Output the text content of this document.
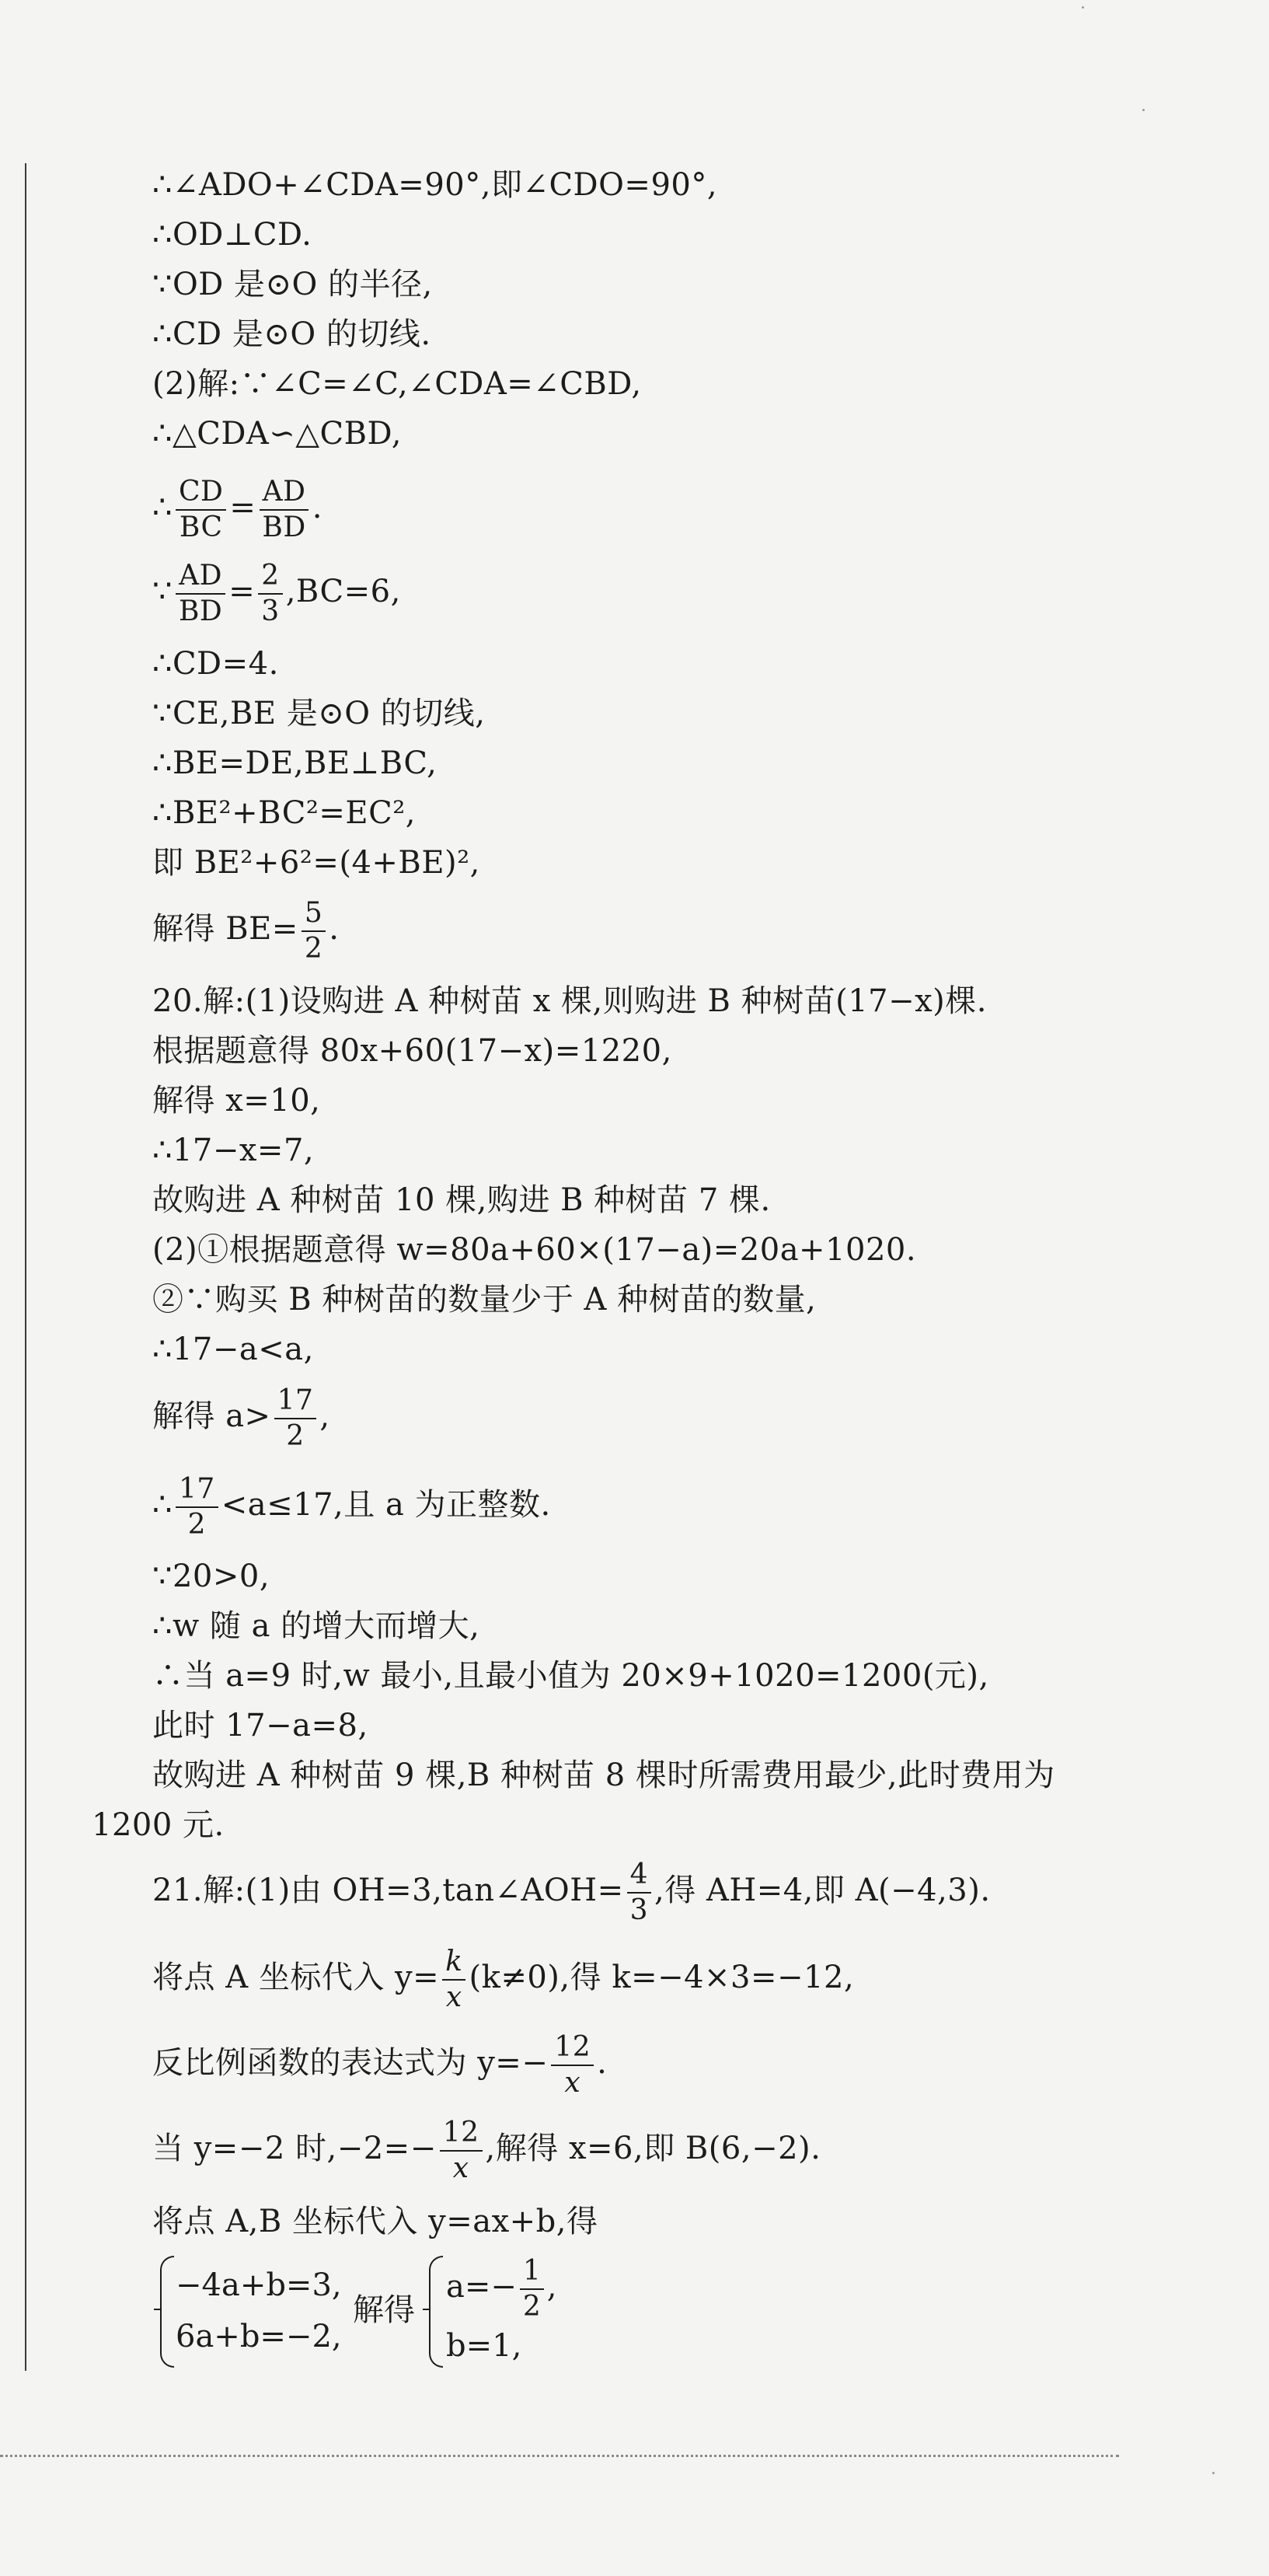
∴∠ADO+∠CDA=90°,即∠CDO=90°,
∴OD⊥CD.
∵OD 是⊙O 的半径,
∴CD 是⊙O 的切线.
(2)解:∵∠C=∠C,∠CDA=∠CBD,
∴△CDA∽△CBD,
∴ $\frac{CD}{BC} = \frac{AD}{BD}$ .
∵ $\frac{AD}{BD} = \frac{2}{3} ,BC=6$,
∴CD=4.
∵CE,BE 是⊙O 的切线,
∴BE=DE,BE⊥BC,
∴BE²+BC²=EC²,
即 BE²+6²=(4+BE)²,
解得 $BE= \frac{5}{2}$ .
20.解:(1)设购进 A 种树苗 x 棵,则购进 B 种树苗(17−x)棵.
根据题意得 80x+60(17−x)=1220,
解得 x=10,
∴17−x=7,
故购进 A 种树苗 10 棵,购进 B 种树苗 7 棵.
(2)①根据题意得 w=80a+60×(17−a)=20a+1020.
②∵购买 B 种树苗的数量少于 A 种树苗的数量,
∴17−a<a,
解得 $a> \frac{17}{2}$ ,
∴ $\frac{17}{2} <a\le 17$,且 a 为正整数.
∵20>0,
∴w 随 a 的增大而增大,
∴当 a=9 时,w 最小,且最小值为 20×9+1020=1200(元),
此时 17−a=8,
故购进 A 种树苗 9 棵,B 种树苗 8 棵时所需费用最少,此时费用为
1200 元.
21.解:(1)由 OH=3,tan∠AOH= $\frac{4}{3}$ ,得 AH=4,即 A(−4,3).
将点 A 坐标代入 $y= \frac{k}{x} (k\ne 0)$,得 k=−4×3=−12,
反比例函数的表达式为 $y=- \frac{12}{x}$ .
当 y=−2 时$,-2=- \frac{12}{x}$ ,解得 x=6,即 B(6,−2).
将点 A,B 坐标代入 y=ax+b,得
−4a+b=3,
6a+b=−2,
解得
$a=- \frac{1}{2}$ ,
b=1,
